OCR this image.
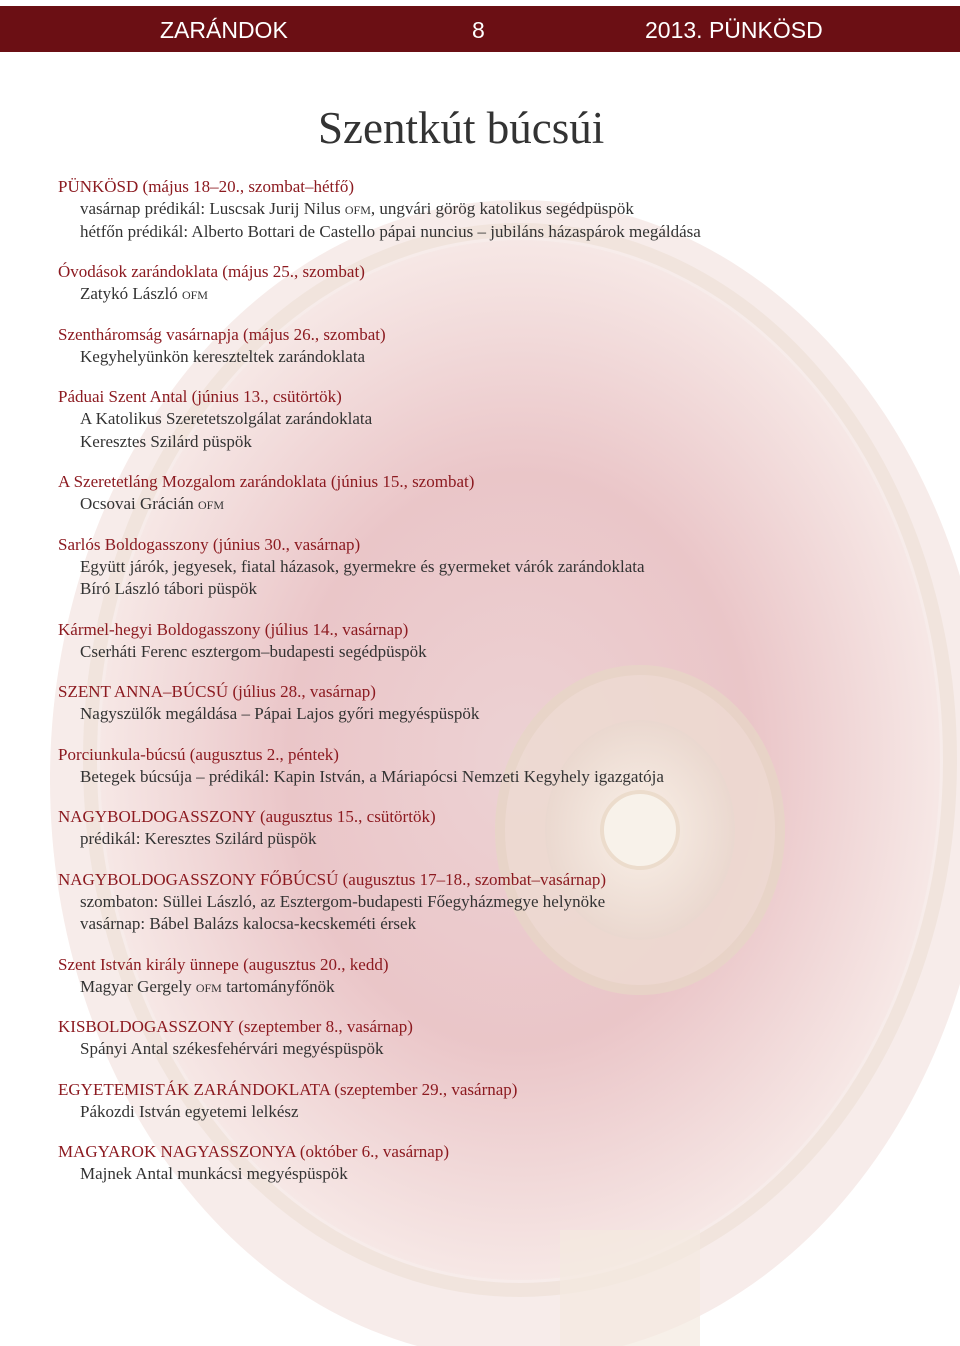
ZARÁNDOK	8	2013. PÜNKÖSD
Szentkút búcsúi
PÜNKÖSD (május 18–20., szombat–hétfő)
vasárnap prédikál: Luscsak Jurij Nilus ofm, ungvári görög katolikus segédpüspök
hétfőn prédikál: Alberto Bottari de Castello pápai nuncius – jubiláns házaspárok megáldása
Óvodások zarándoklata (május 25., szombat)
Zatykó László ofm
Szentháromság vasárnapja (május 26., szombat)
Kegyhelyünkön kereszteltek zarándoklata
Páduai Szent Antal (június 13., csütörtök)
A Katolikus Szeretetszolgálat zarándoklata
Keresztes Szilárd püspök
A Szeretetláng Mozgalom zarándoklata (június 15., szombat)
Ocsovai Grácián ofm
Sarlós Boldogasszony (június 30., vasárnap)
Együtt járók, jegyesek, fiatal házasok, gyermekre és gyermeket várók zarándoklata
Bíró László tábori püspök
Kármel-hegyi Boldogasszony (július 14., vasárnap)
Cserháti Ferenc esztergom–budapesti segédpüspök
SZENT ANNA–BÚCSÚ (július 28., vasárnap)
Nagyszülők megáldása – Pápai Lajos győri megyéspüspök
Porciunkula-búcsú (augusztus 2., péntek)
Betegek búcsúja – prédikál: Kapin István, a Máriapócsi Nemzeti Kegyhely igazgatója
NAGYBOLDOGASSZONY (augusztus 15., csütörtök)
prédikál: Keresztes Szilárd püspök
NAGYBOLDOGASSZONY FŐBÚCSÚ (augusztus 17–18., szombat–vasárnap)
szombaton: Süllei László, az Esztergom-budapesti Főegyházmegye helynöke
vasárnap: Bábel Balázs kalocsa-kecskeméti érsek
Szent István király ünnepe (augusztus 20., kedd)
Magyar Gergely ofm tartományfőnök
KISBOLDOGASSZONY (szeptember 8., vasárnap)
Spányi Antal székesfehérvári megyéspüspök
EGYETEMISTÁK ZARÁNDOKLATA (szeptember 29., vasárnap)
Pákozdi István egyetemi lelkész
MAGYAROK NAGYASSZONYA (október 6., vasárnap)
Majnek Antal munkácsi megyéspüspök
